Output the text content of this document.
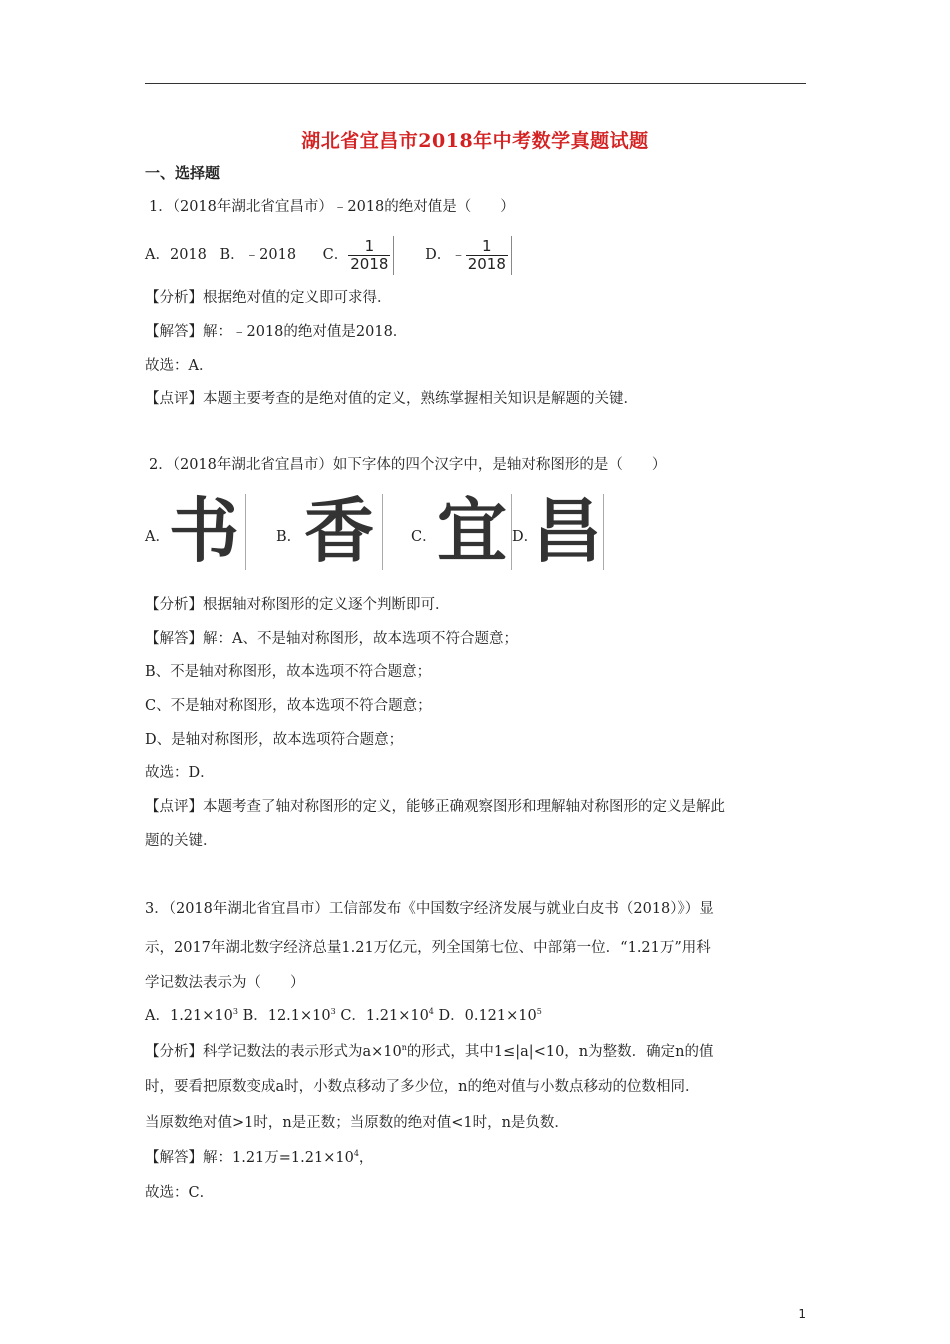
湖北省宜昌市2018年中考数学真题试题
一、选择题
1．（2018年湖北省宜昌市）﹣2018的绝对值是（　　）
A．2018 B．﹣2018 C． $\frac{1}{2018}$ D．﹣ $\frac{1}{2018}$
【分析】根据绝对值的定义即可求得．
【解答】解：﹣2018的绝对值是2018．
故选：A．
【点评】本题主要考查的是绝对值的定义，熟练掌握相关知识是解题的关键．
2．（2018年湖北省宜昌市）如下字体的四个汉字中，是轴对称图形的是（　　）
A． 书	B． 香	C． 宜 D．
昌
【分析】根据轴对称图形的定义逐个判断即可．
【解答】解：A、不是轴对称图形，故本选项不符合题意；
B、不是轴对称图形，故本选项不符合题意；
C、不是轴对称图形，故本选项不符合题意；
D、是轴对称图形，故本选项符合题意；
故选：D．
【点评】本题考查了轴对称图形的定义，能够正确观察图形和理解轴对称图形的定义是解此
题的关键．
3．（2018年湖北省宜昌市）工信部发布《中国数字经济发展与就业白皮书（2018）》）显
示，2017年湖北数字经济总量1.21万亿元，列全国第七位、中部第一位．“1.21万”用科
学记数法表示为（　　）
A．$1.21\times 10^3$ B．$12.1\times 10^3$ C．$1.21\times 10^4$ D．$0.121\times 10^5$
【分析】科学记数法的表示形式为$a\times 10^n$的形式，其中1≤|a|<10，n为整数．确定n的值
时，要看把原数变成a时，小数点移动了多少位，n的绝对值与小数点移动的位数相同．
当原数绝对值>1时，n是正数；当原数的绝对值<1时，n是负数．
【解答】解：1.21万$=1.21\times 10^4$，
故选：C．
1
